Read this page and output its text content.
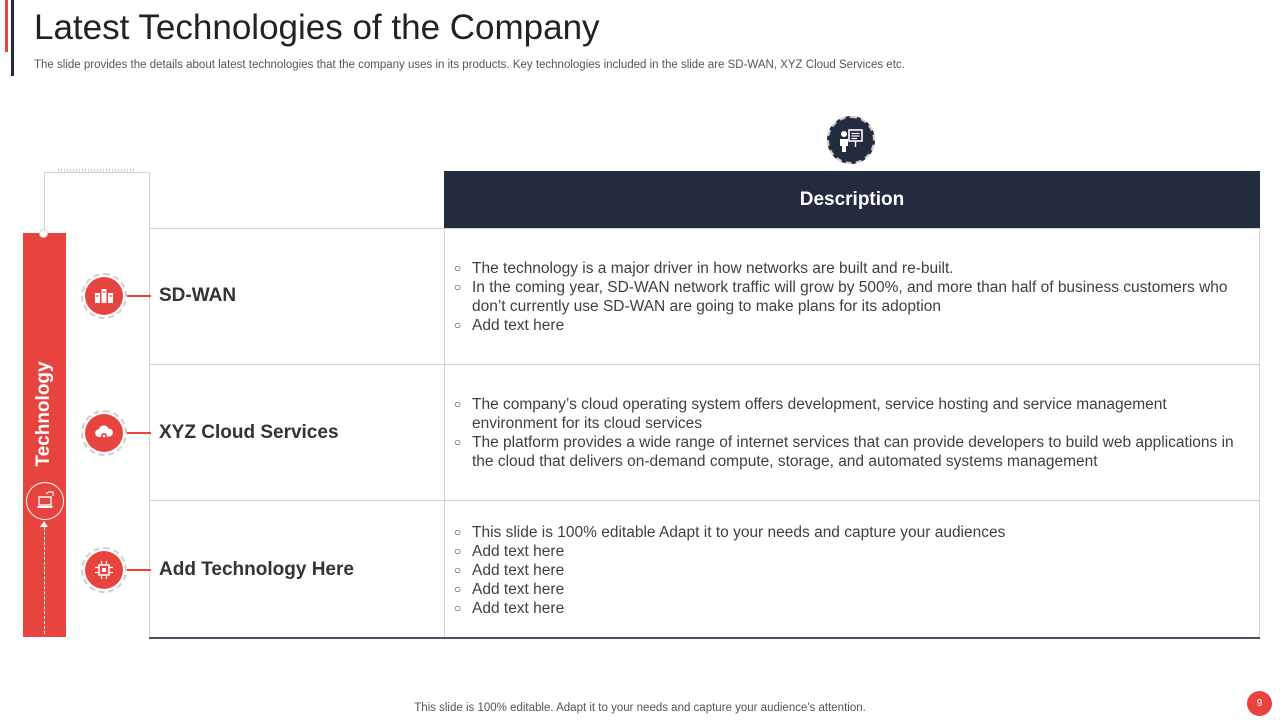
Latest Technologies of the Company
The slide provides the details about latest technologies that the company uses in its products. Key technologies included in the slide are SD-WAN, XYZ Cloud Services etc.
Description
Technology
SD-WAN
○ The technology is a major driver in how networks are built and re-built.
○ In the coming year, SD-WAN network traffic will grow by 500%, and more than half of business customers who don’t currently use SD-WAN are going to make plans for its adoption
○ Add text here
XYZ Cloud Services
○ The company’s cloud operating system offers development, service hosting and service management environment for its cloud services
○ The platform provides a wide range of internet services that can provide developers to build web applications in the cloud that delivers on-demand compute, storage, and automated systems management
Add Technology Here
○ This slide is 100% editable Adapt it to your needs and capture your audiences
○ Add text here
○ Add text here
○ Add text here
○ Add text here
This slide is 100% editable. Adapt it to your needs and capture your audience's attention.	9
